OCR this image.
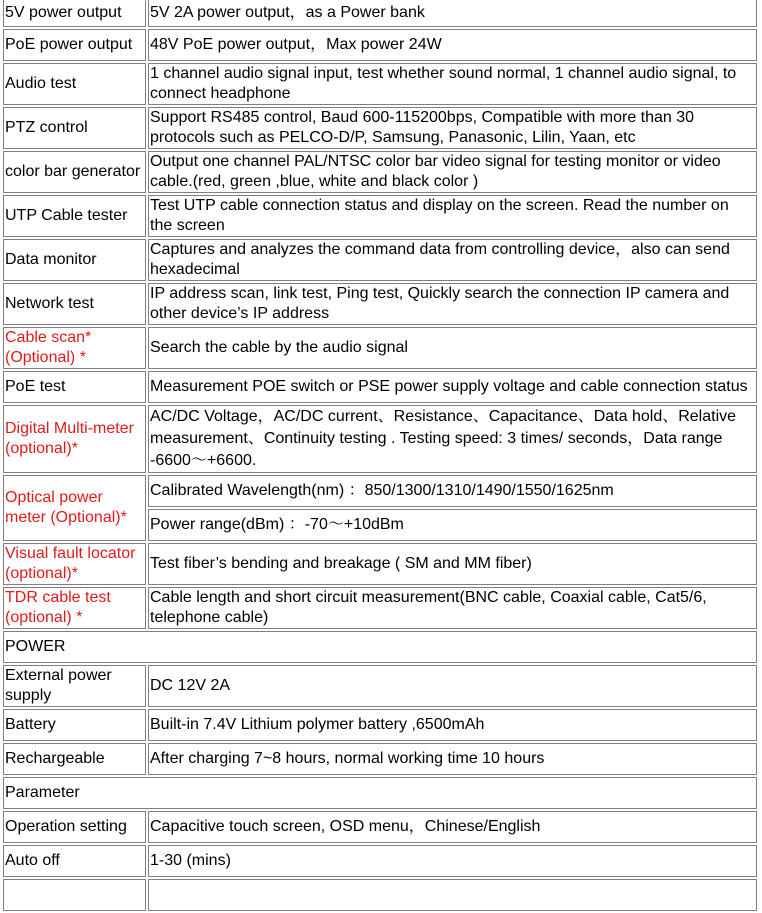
5V power output	5V 2A power output，as a Power bank
PoE power output	48V PoE power output，Max power 24W
Audio test	1 channel audio signal input, test whether sound normal, 1 channel audio signal, to connect headphone
PTZ control	Support RS485 control, Baud 600-115200bps, Compatible with more than 30 protocols such as PELCO-D/P, Samsung, Panasonic, Lilin, Yaan, etc
color bar generator	Output one channel PAL/NTSC color bar video signal for testing monitor or video cable.(red, green ,blue, white and black color )
UTP Cable tester	Test UTP cable connection status and display on the screen. Read the number on the screen
Data monitor	Captures and analyzes the command data from controlling device，also can send hexadecimal
Network test	IP address scan, link test, Ping test, Quickly search the connection IP camera and other device’s IP address
Cable scan* (Optional) *	Search the cable by the audio signal
PoE test	Measurement POE switch or PSE power supply voltage and cable connection status
Digital Multi-meter (optional)*	AC/DC Voltage，AC/DC current、Resistance、Capacitance、Data hold、Relative measurement、Continuity testing . Testing speed: 3 times/ seconds，Data range -6600～+6600.
Optical power meter (Optional)*	Calibrated Wavelength(nm) ：850/1300/1310/1490/1550/1625nm
	Power range(dBm) ：-70～+10dBm
Visual fault locator (optional)*	Test fiber’s bending and breakage ( SM and MM fiber)
TDR cable test (optional) *	Cable length and short circuit measurement(BNC cable, Coaxial cable, Cat5/6, telephone cable)
POWER	
External power supply	DC 12V 2A
Battery	Built-in 7.4V Lithium polymer battery ,6500mAh
Rechargeable	After charging 7~8 hours, normal working time 10 hours
Parameter	
Operation setting	Capacitive touch screen, OSD menu，Chinese/English
Auto off	1-30 (mins)
